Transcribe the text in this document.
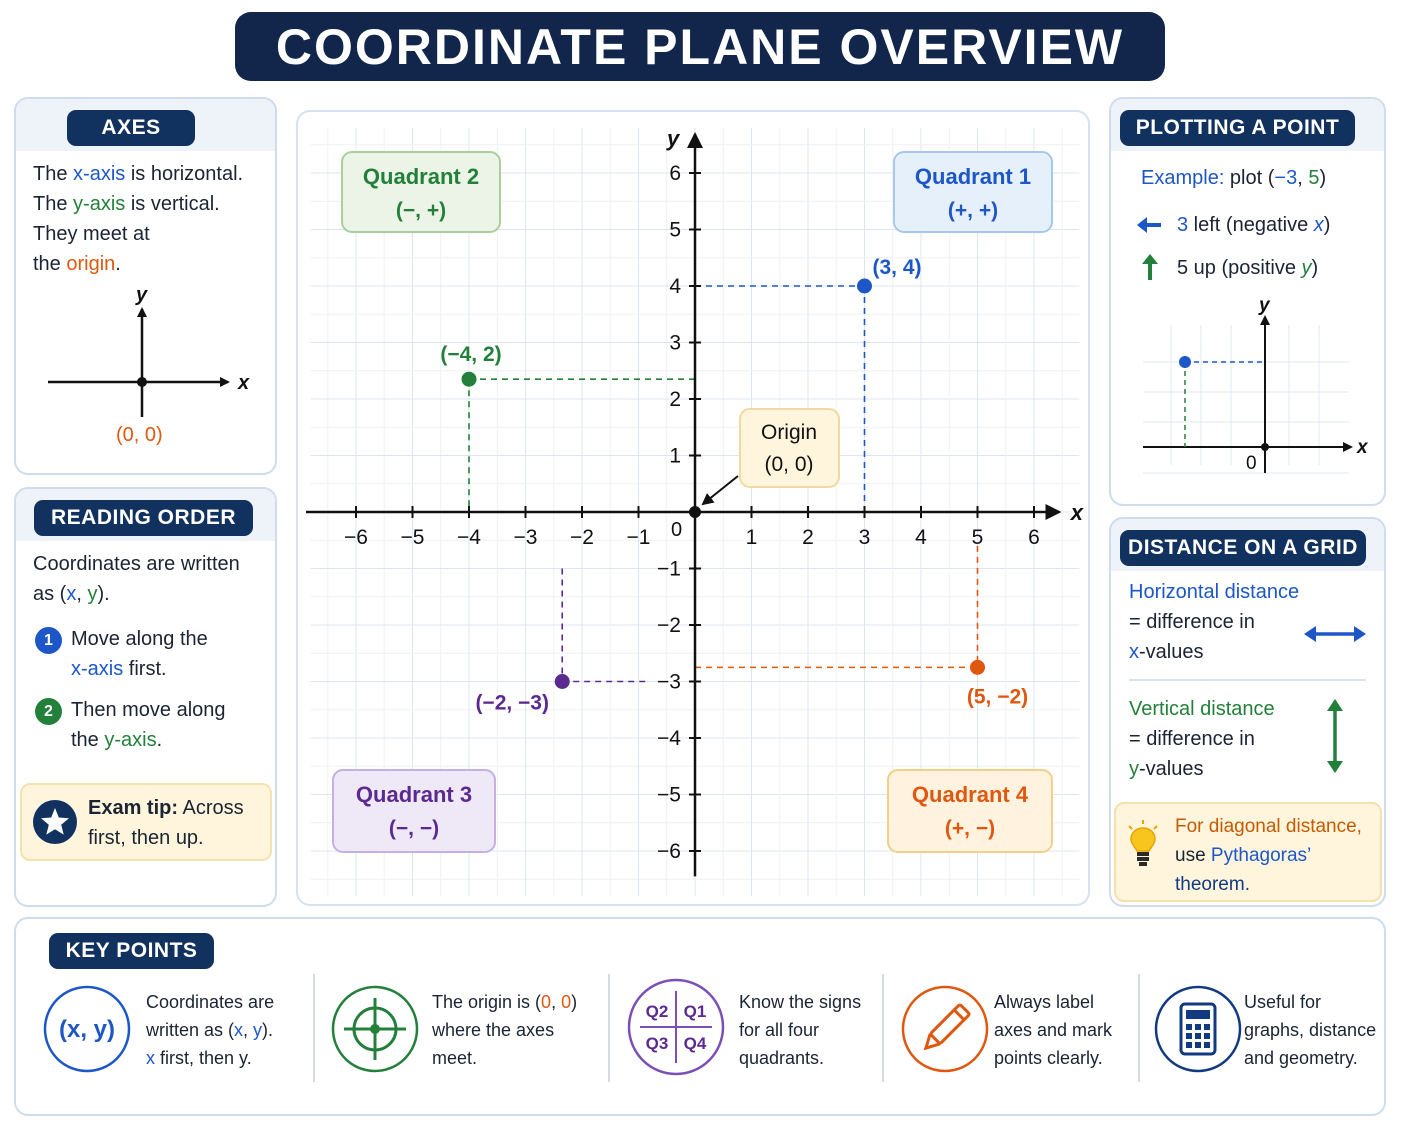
COORDINATE PLANE OVERVIEW
AXES
The x-axis is horizontal.
The y-axis is vertical.
They meet at
the origin.
y
x
(0, 0)
READING ORDER
Coordinates are written
as (x, y).
1 Move along the
x-axis first.
2 Then move along
the y-axis.
Exam tip: Across
first, then up.
x
y
0
−6 −5 −4 −3 −2 −1	1 2 3 4 5 6
6
5
4
3
2
1
−1
−2
−3
−4
−5
−6
Quadrant 2
(−, +)
Quadrant 1
(+, +)
Quadrant 3
(−, −)
Quadrant 4
(+, −)
Origin
(0, 0)
(3, 4)
(−4, 2)
(−2, −3)	(5, −2)
PLOTTING A POINT
Example: plot (−3, 5)
3 left (negative x)
5 up (positive y)
y
x
0
DISTANCE ON A GRID
Horizontal distance
= difference in
x-values
Vertical distance
= difference in
y-values
For diagonal distance,
use Pythagoras’
theorem.
KEY POINTS
(x, y)
Coordinates are
written as (x, y).
x first, then y.
The origin is (0, 0)
where the axes
meet.
Q2 Q1
Q3 Q4
Know the signs
for all four
quadrants.
Always label
axes and mark
points clearly.
Useful for
graphs, distance
and geometry.
